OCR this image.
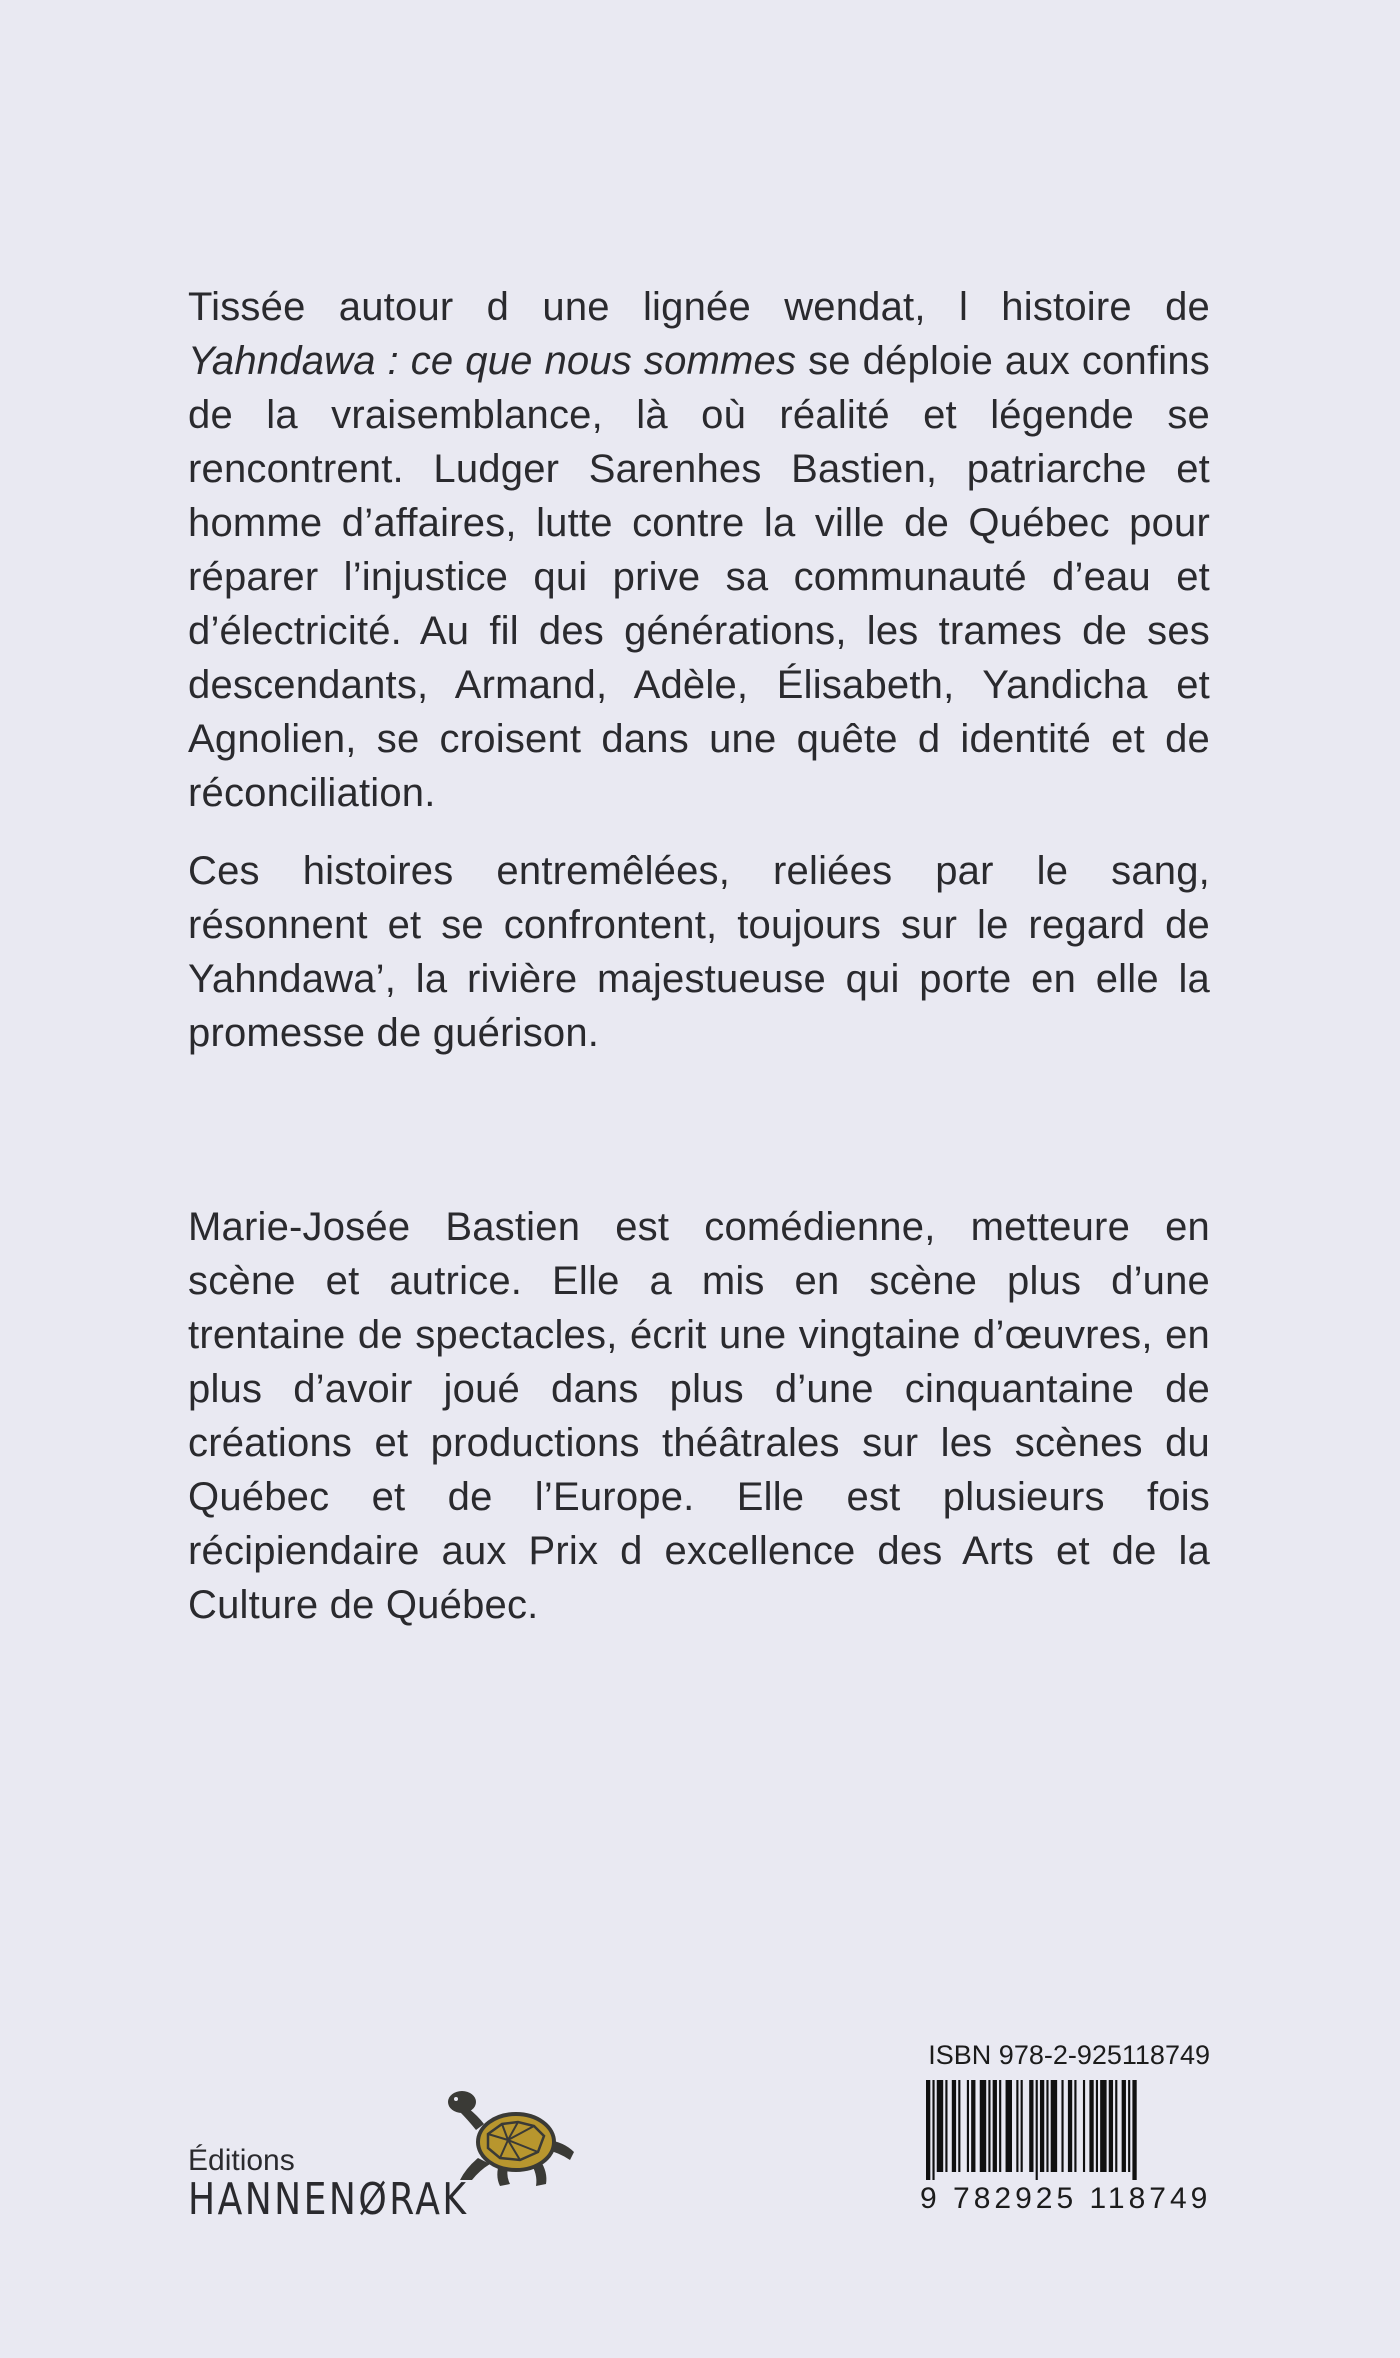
Tissée autour d une lignée wendat, l histoire de Yahndawa : ce que nous sommes se déploie aux confins de la vraisemblance, là où réalité et légende se rencontrent. Ludger Sarenhes Bastien, patriarche et homme d’affaires, lutte contre la ville de Québec pour réparer l’injustice qui prive sa communauté d’eau et d’électricité. Au fil des générations, les trames de ses descendants, Armand, Adèle, Élisabeth, Yandicha et Agnolien, se croisent dans une quête d identité et de réconciliation.

Ces histoires entremêlées, reliées par le sang, résonnent et se confrontent, toujours sur le regard de Yahndawa’, la rivière majestueuse qui porte en elle la promesse de guérison.

Marie-Josée Bastien est comédienne, metteure en scène et autrice. Elle a mis en scène plus d’une trentaine de spectacles, écrit une vingtaine d’œuvres, en plus d’avoir joué dans plus d’une cinquantaine de créations et productions théâtrales sur les scènes du Québec et de l’Europe. Elle est plusieurs fois récipiendaire aux Prix d excellence des Arts et de la Culture de Québec.

Éditions
HANNENØRAK
ISBN 978-2-925118749
9 782925 118749
